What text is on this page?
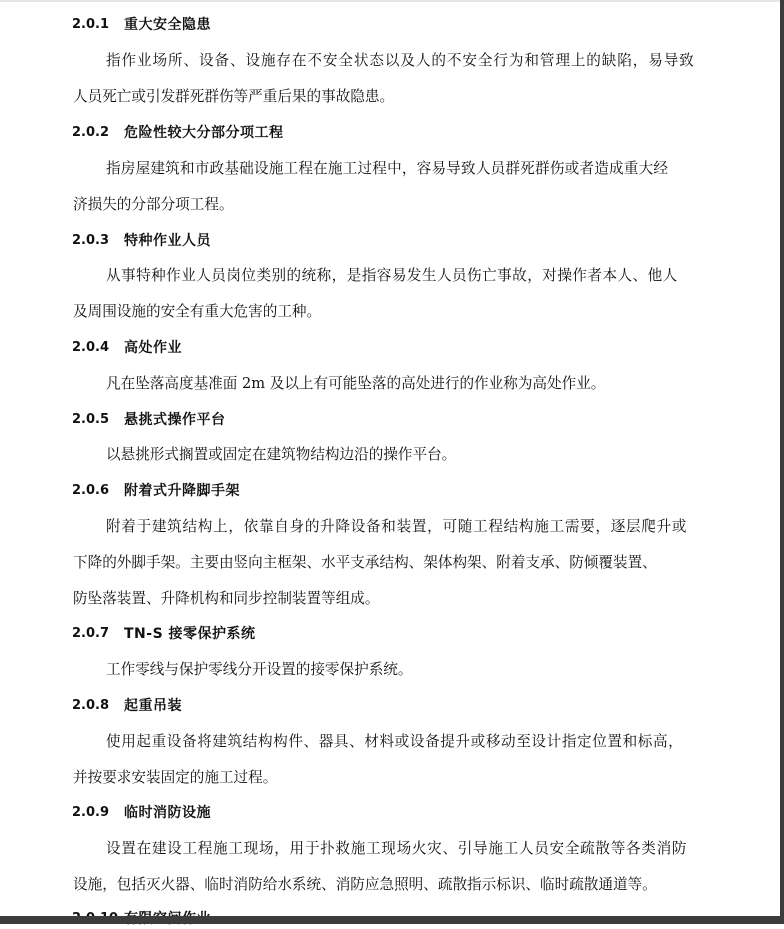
2.0.1	重大安全隐患
指作业场所、设备、设施存在不安全状态以及人的不安全行为和管理上的缺陷，易导致
人员死亡或引发群死群伤等严重后果的事故隐患。
2.0.2	危险性较大分部分项工程
指房屋建筑和市政基础设施工程在施工过程中，容易导致人员群死群伤或者造成重大经
济损失的分部分项工程。
2.0.3	特种作业人员
从事特种作业人员岗位类别的统称，是指容易发生人员伤亡事故，对操作者本人、他人
及周围设施的安全有重大危害的工种。
2.0.4	高处作业
凡在坠落高度基准面 2m 及以上有可能坠落的高处进行的作业称为高处作业。
2.0.5	悬挑式操作平台
以悬挑形式搁置或固定在建筑物结构边沿的操作平台。
2.0.6	附着式升降脚手架
附着于建筑结构上，依靠自身的升降设备和装置，可随工程结构施工需要，逐层爬升或
下降的外脚手架。主要由竖向主框架、水平支承结构、架体构架、附着支承、防倾覆装置、
防坠落装置、升降机构和同步控制装置等组成。
2.0.7	TN-S 接零保护系统
工作零线与保护零线分开设置的接零保护系统。
2.0.8	起重吊装
使用起重设备将建筑结构构件、器具、材料或设备提升或移动至设计指定位置和标高，
并按要求安装固定的施工过程。
2.0.9	临时消防设施
设置在建设工程施工现场，用于扑救施工现场火灾、引导施工人员安全疏散等各类消防
设施，包括灭火器、临时消防给水系统、消防应急照明、疏散指示标识、临时疏散通道等。
